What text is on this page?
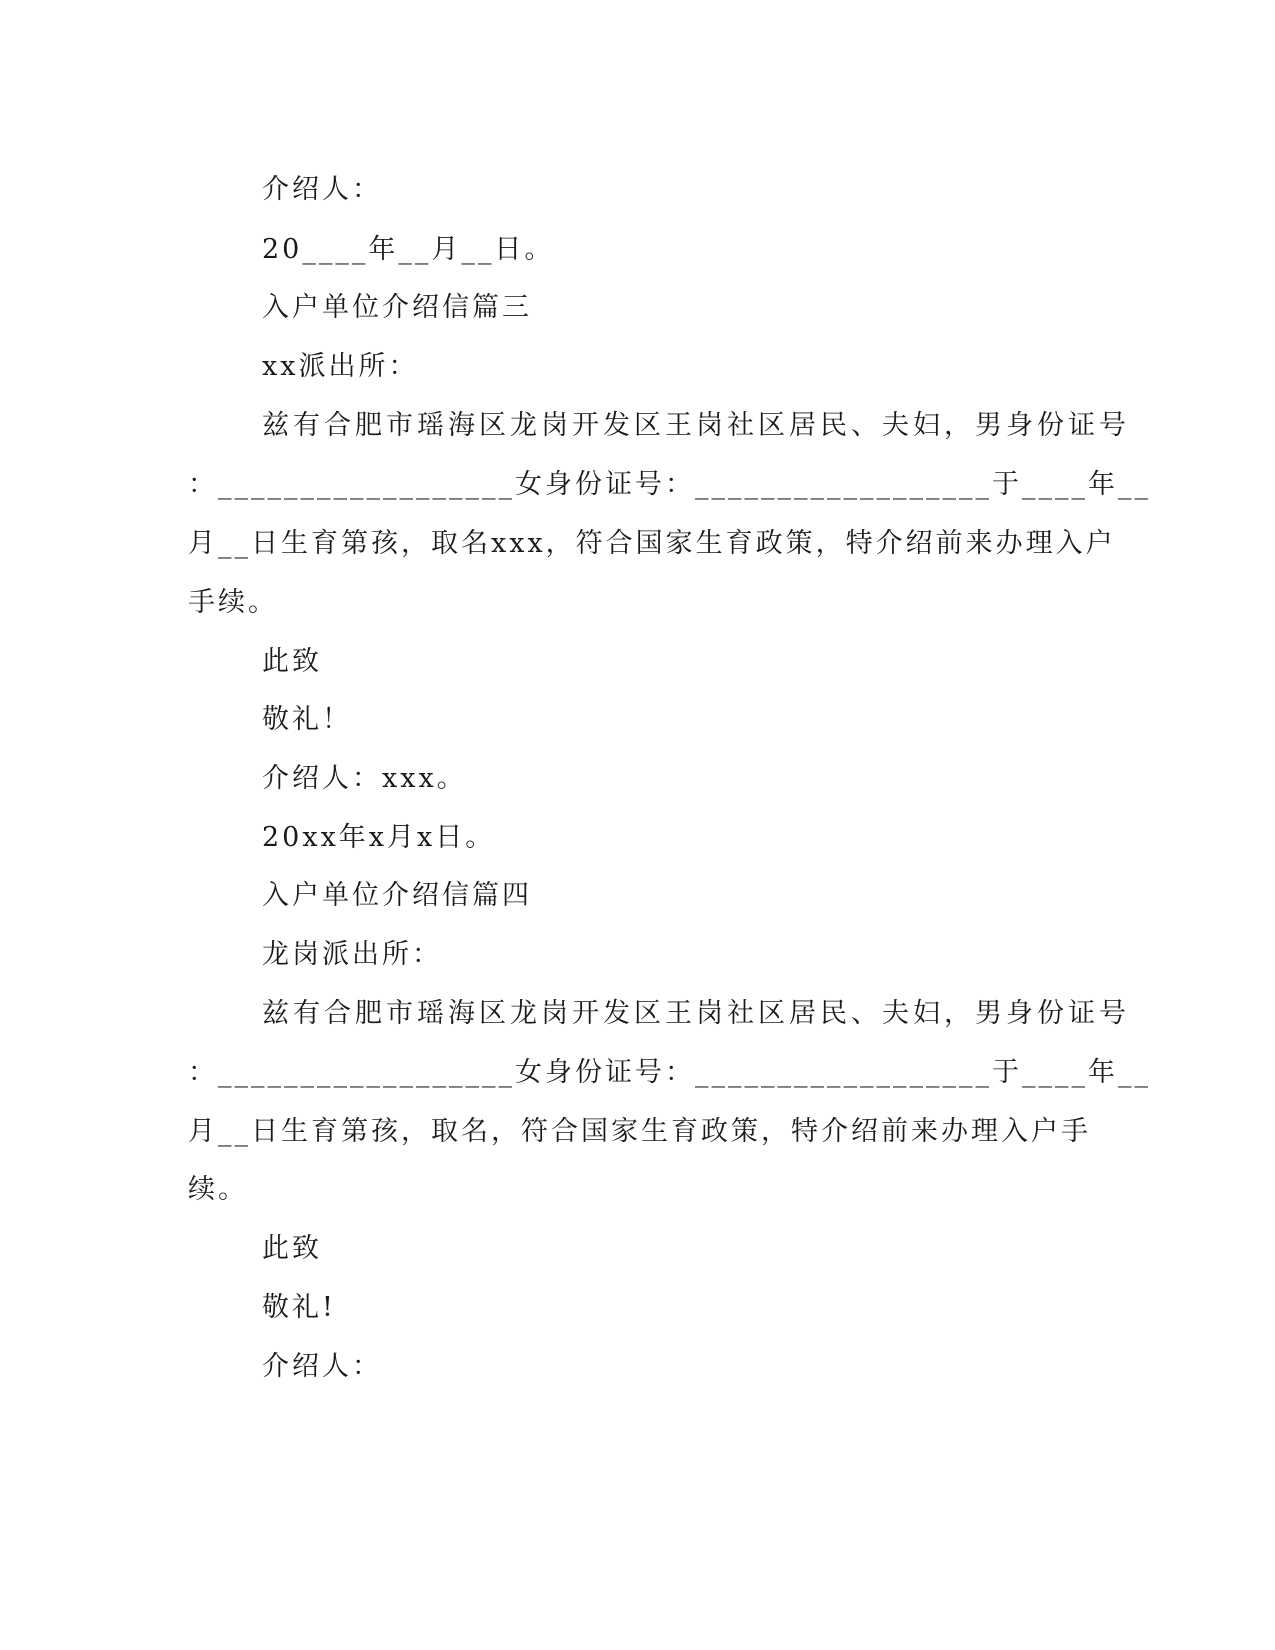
介绍人：
20____年__月__日。
入户单位介绍信篇三
xx派出所：
兹有合肥市瑶海区龙岗开发区王岗社区居民、夫妇，男身份证号
：__________________女身份证号：__________________于____年__
月__日生育第孩，取名xxx，符合国家生育政策，特介绍前来办理入户
手续。
此致
敬礼！
介绍人：xxx。
20xx年x月x日。
入户单位介绍信篇四
龙岗派出所：
兹有合肥市瑶海区龙岗开发区王岗社区居民、夫妇，男身份证号
：__________________女身份证号：__________________于____年__
月__日生育第孩，取名，符合国家生育政策，特介绍前来办理入户手
续。
此致
敬礼!
介绍人：
